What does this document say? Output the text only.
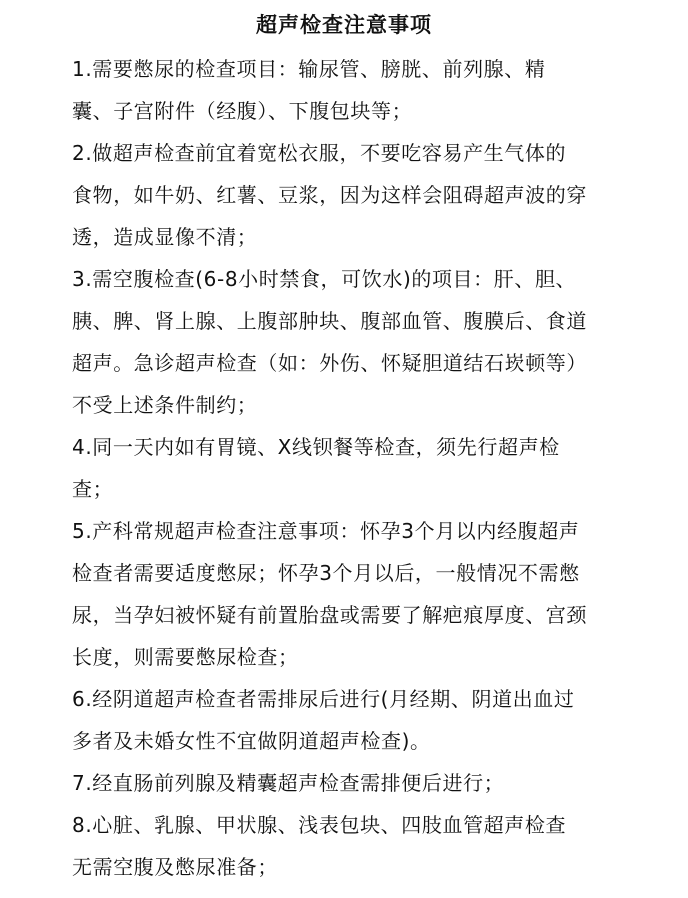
超声检查注意事项
1.需要憋尿的检查项目：输尿管、膀胱、前列腺、精
囊、子宫附件（经腹）、下腹包块等；
2.做超声检查前宜着宽松衣服，不要吃容易产生气体的
食物，如牛奶、红薯、豆浆，因为这样会阻碍超声波的穿
透，造成显像不清；
3.需空腹检查(6-8小时禁食，可饮水)的项目：肝、胆、
胰、脾、肾上腺、上腹部肿块、腹部血管、腹膜后、食道
超声。急诊超声检查（如：外伤、怀疑胆道结石崁顿等）
不受上述条件制约；
4.同一天内如有胃镜、X线钡餐等检查，须先行超声检
查；
5.产科常规超声检查注意事项：怀孕3个月以内经腹超声
检查者需要适度憋尿；怀孕3个月以后，一般情况不需憋
尿，当孕妇被怀疑有前置胎盘或需要了解疤痕厚度、宫颈
长度，则需要憋尿检查；
6.经阴道超声检查者需排尿后进行(月经期、阴道出血过
多者及未婚女性不宜做阴道超声检查)。
7.经直肠前列腺及精囊超声检查需排便后进行；
8.心脏、乳腺、甲状腺、浅表包块、四肢血管超声检查
无需空腹及憋尿准备；
